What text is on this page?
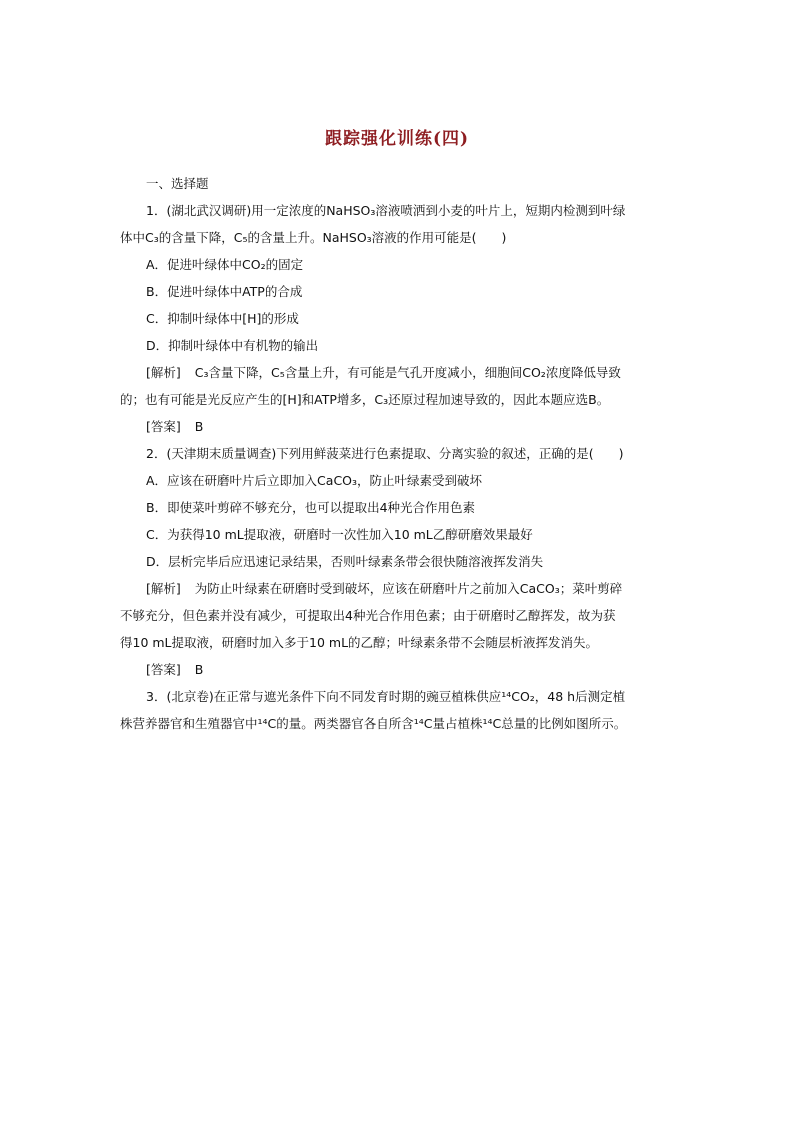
跟踪强化训练(四)
一、选择题
1．(湖北武汉调研)用一定浓度的NaHSO₃溶液喷洒到小麦的叶片上，短期内检测到叶绿
体中C₃的含量下降，C₅的含量上升。NaHSO₃溶液的作用可能是(　　)
A．促进叶绿体中CO₂的固定
B．促进叶绿体中ATP的合成
C．抑制叶绿体中[H]的形成
D．抑制叶绿体中有机物的输出
[解析] C₃含量下降，C₅含量上升，有可能是气孔开度减小，细胞间CO₂浓度降低导致
的；也有可能是光反应产生的[H]和ATP增多，C₃还原过程加速导致的，因此本题应选B。
[答案] B
2．(天津期末质量调查)下列用鲜菠菜进行色素提取、分离实验的叙述，正确的是(　　)
A．应该在研磨叶片后立即加入CaCO₃，防止叶绿素受到破坏
B．即使菜叶剪碎不够充分，也可以提取出4种光合作用色素
C．为获得10 mL提取液，研磨时一次性加入10 mL乙醇研磨效果最好
D．层析完毕后应迅速记录结果，否则叶绿素条带会很快随溶液挥发消失
[解析] 为防止叶绿素在研磨时受到破坏，应该在研磨叶片之前加入CaCO₃；菜叶剪碎
不够充分，但色素并没有减少，可提取出4种光合作用色素；由于研磨时乙醇挥发，故为获
得10 mL提取液，研磨时加入多于10 mL的乙醇；叶绿素条带不会随层析液挥发消失。
[答案] B
3．(北京卷)在正常与遮光条件下向不同发育时期的豌豆植株供应¹⁴CO₂，48 h后测定植
株营养器官和生殖器官中¹⁴C的量。两类器官各自所含¹⁴C量占植株¹⁴C总量的比例如图所示。
